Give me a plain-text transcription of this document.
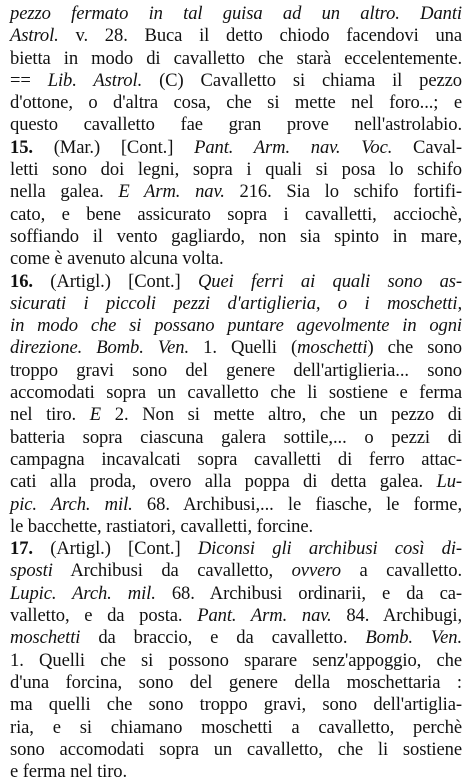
pezzo fermato in tal guisa ad un altro. Danti
Astrol. v. 28. Buca il detto chiodo facendovi una
bietta in modo di cavalletto che starà eccelentemente.
== Lib. Astrol. (C) Cavalletto si chiama il pezzo
d'ottone, o d'altra cosa, che si mette nel foro...; e
questo cavalletto fae gran prove nell'astrolabio.
15. (Mar.) [Cont.] Pant. Arm. nav. Voc. Caval-
letti sono doi legni, sopra i quali si posa lo schifo
nella galea. E Arm. nav. 216. Sia lo schifo fortifi-
cato, e bene assicurato sopra i cavalletti, acciochè,
soffiando il vento gagliardo, non sia spinto in mare,
come è avenuto alcuna volta.
16. (Artigl.) [Cont.] Quei ferri ai quali sono as-
sicurati i piccoli pezzi d'artiglieria, o i moschetti,
in modo che si possano puntare agevolmente in ogni
direzione. Bomb. Ven. 1. Quelli (moschetti) che sono
troppo gravi sono del genere dell'artiglieria... sono
accomodati sopra un cavalletto che li sostiene e ferma
nel tiro. E 2. Non si mette altro, che un pezzo di
batteria sopra ciascuna galera sottile,... o pezzi di
campagna incavalcati sopra cavalletti di ferro attac-
cati alla proda, overo alla poppa di detta galea. Lu-
pic. Arch. mil. 68. Archibusi,... le fiasche, le forme,
le bacchette, rastiatori, cavalletti, forcine.
17. (Artigl.) [Cont.] Diconsi gli archibusi così di-
sposti Archibusi da cavalletto, ovvero a cavalletto.
Lupic. Arch. mil. 68. Archibusi ordinarii, e da ca-
valletto, e da posta. Pant. Arm. nav. 84. Archibugi,
moschetti da braccio, e da cavalletto. Bomb. Ven.
1. Quelli che si possono sparare senz'appoggio, che
d'una forcina, sono del genere della moschettaria :
ma quelli che sono troppo gravi, sono dell'artiglia-
ria, e si chiamano moschetti a cavalletto, perchè
sono accomodati sopra un cavalletto, che li sostiene
e ferma nel tiro.
